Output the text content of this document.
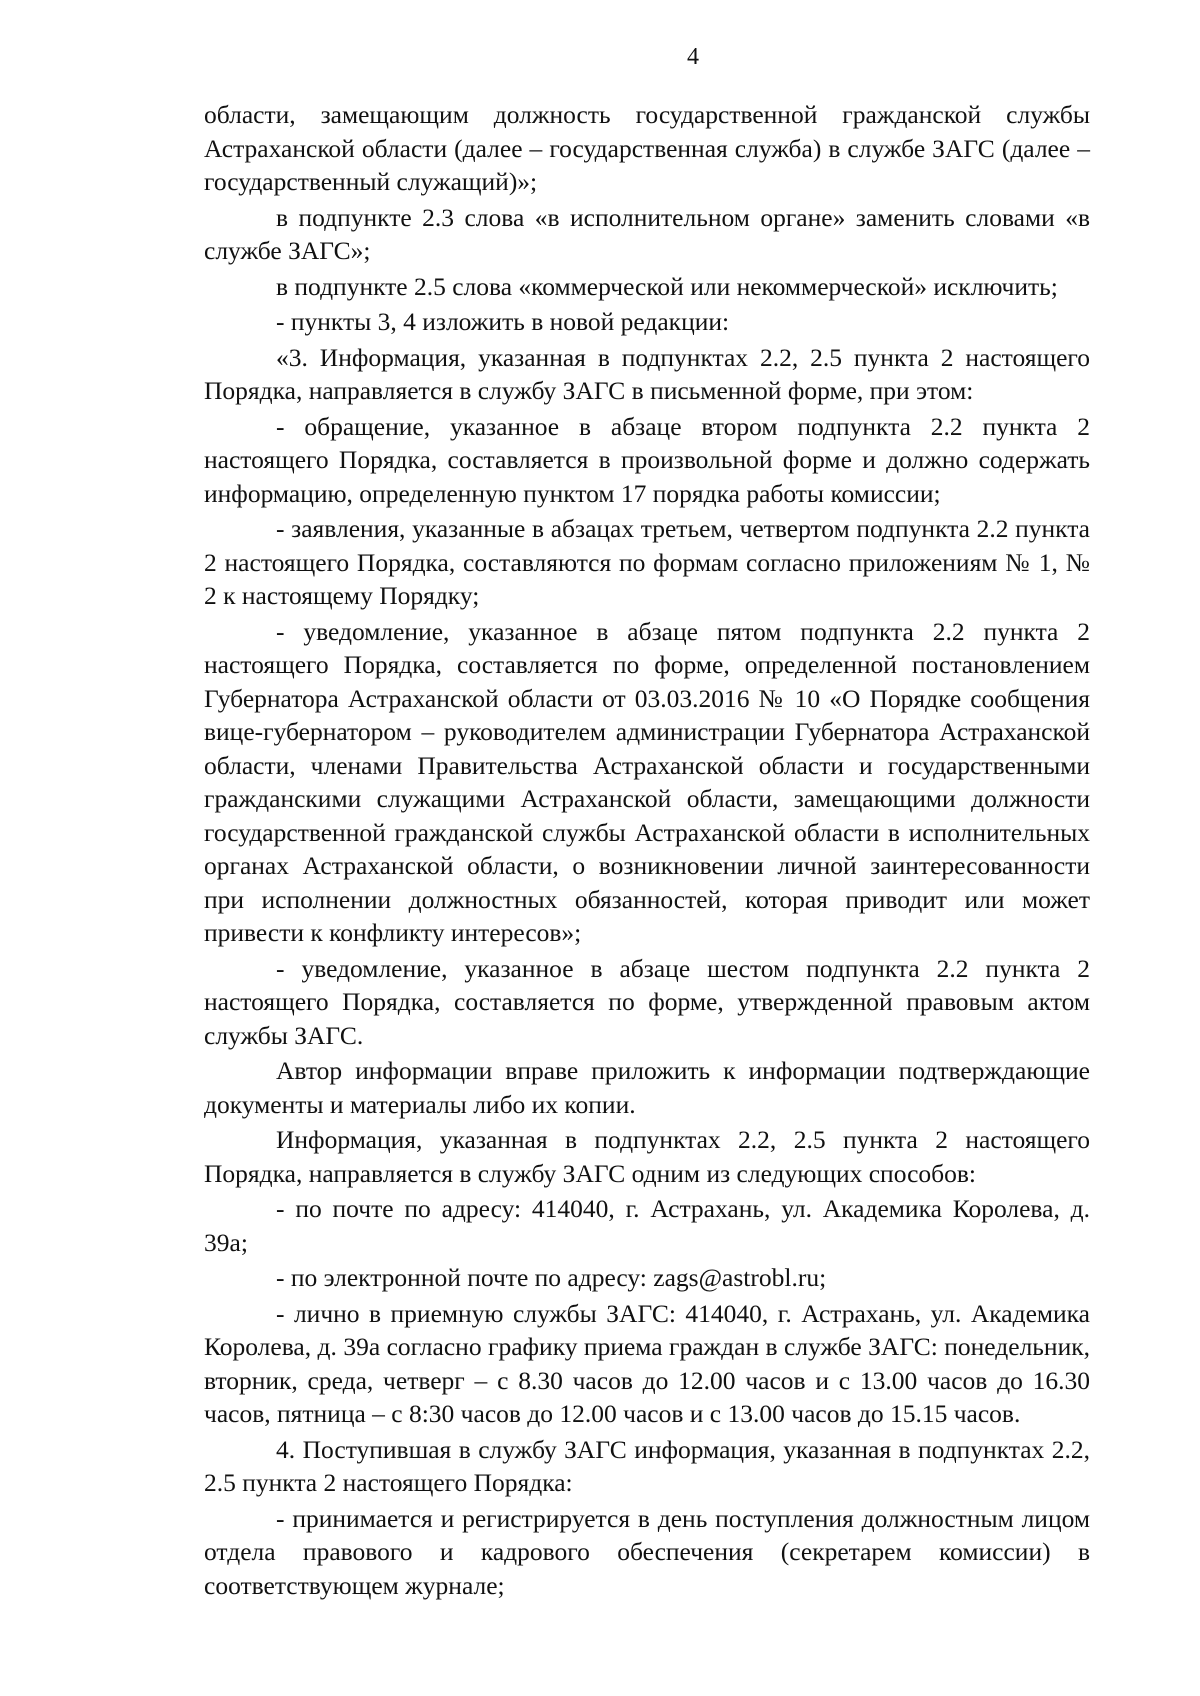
4

области, замещающим должность государственной гражданской службы Астраханской области (далее – государственная служба) в службе ЗАГС (далее – государственный служащий)»;

в подпункте 2.3 слова «в исполнительном органе» заменить словами «в службе ЗАГС»;

в подпункте 2.5 слова «коммерческой или некоммерческой» исключить;

- пункты 3, 4 изложить в новой редакции:

«3. Информация, указанная в подпунктах 2.2, 2.5 пункта 2 настоящего Порядка, направляется в службу ЗАГС в письменной форме, при этом:

- обращение, указанное в абзаце втором подпункта 2.2 пункта 2 настоящего Порядка, составляется в произвольной форме и должно содержать информацию, определенную пунктом 17 порядка работы комиссии;

- заявления, указанные в абзацах третьем, четвертом подпункта 2.2 пункта 2 настоящего Порядка, составляются по формам согласно приложениям № 1, № 2 к настоящему Порядку;

- уведомление, указанное в абзаце пятом подпункта 2.2 пункта 2 настоящего Порядка, составляется по форме, определенной постановлением Губернатора Астраханской области от 03.03.2016 № 10 «О Порядке сообщения вице-губернатором – руководителем администрации Губернатора Астраханской области, членами Правительства Астраханской области и государственными гражданскими служащими Астраханской области, замещающими должности государственной гражданской службы Астраханской области в исполнительных органах Астраханской области, о возникновении личной заинтересованности при исполнении должностных обязанностей, которая приводит или может привести к конфликту интересов»;

- уведомление, указанное в абзаце шестом подпункта 2.2 пункта 2 настоящего Порядка, составляется по форме, утвержденной правовым актом службы ЗАГС.

Автор информации вправе приложить к информации подтверждающие документы и материалы либо их копии.

Информация, указанная в подпунктах 2.2, 2.5 пункта 2 настоящего Порядка, направляется в службу ЗАГС одним из следующих способов:

- по почте по адресу: 414040, г. Астрахань, ул. Академика Королева, д. 39а;

- по электронной почте по адресу: zags@astrobl.ru;

- лично в приемную службы ЗАГС: 414040, г. Астрахань, ул. Академика Королева, д. 39а согласно графику приема граждан в службе ЗАГС: понедельник, вторник, среда, четверг – с 8.30 часов до 12.00 часов и с 13.00 часов до 16.30 часов, пятница – с 8:30 часов до 12.00 часов и с 13.00 часов до 15.15 часов.

4. Поступившая в службу ЗАГС информация, указанная в подпунктах 2.2, 2.5 пункта 2 настоящего Порядка:

- принимается и регистрируется в день поступления должностным лицом отдела правового и кадрового обеспечения (секретарем комиссии) в соответствующем журнале;
